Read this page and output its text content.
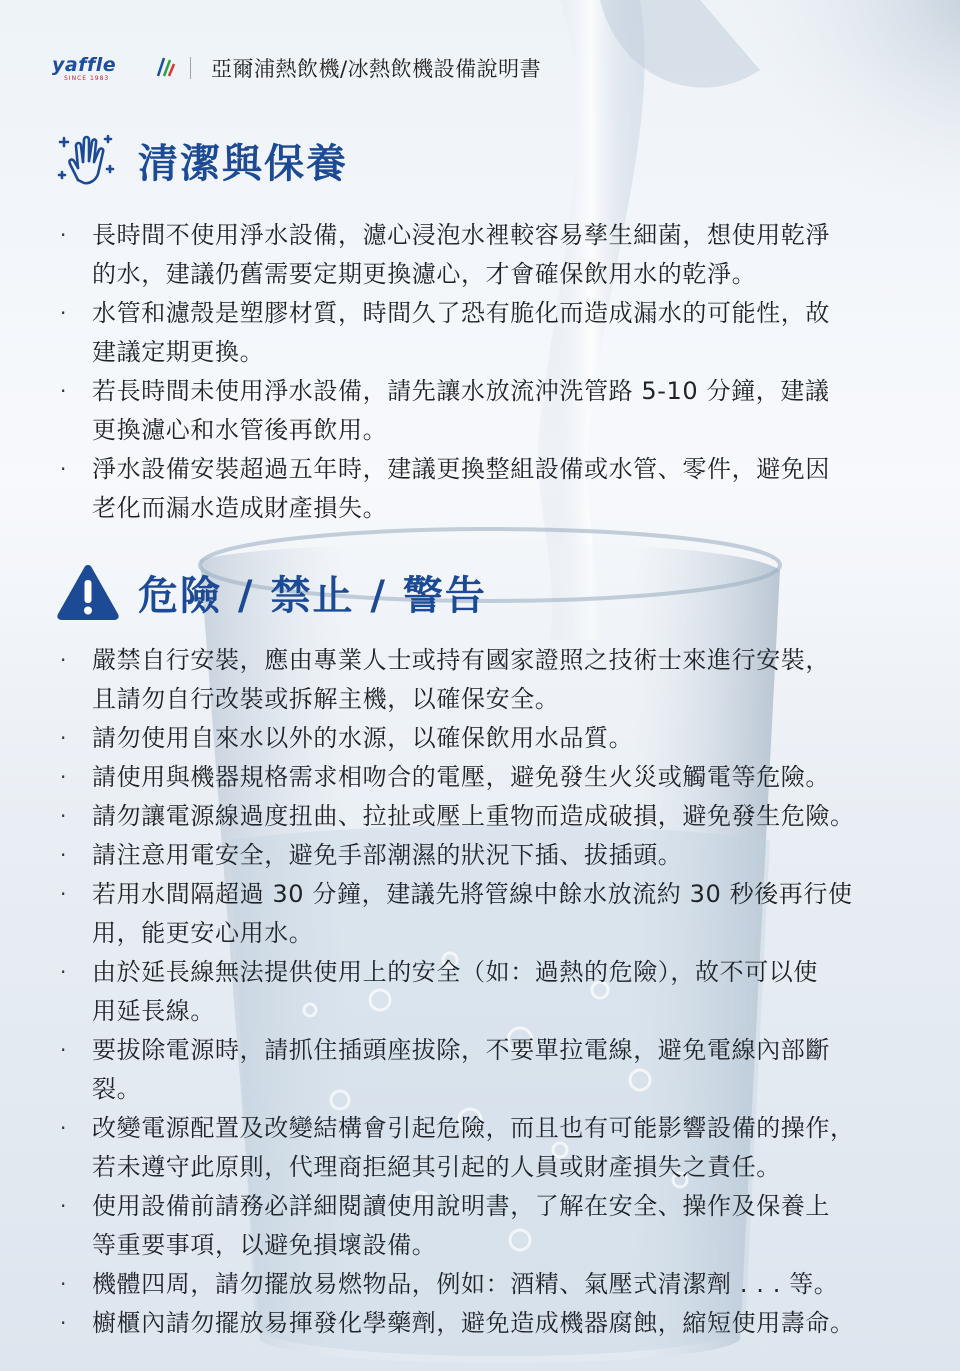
yaffle
SINCE 1983	亞爾浦熱飲機/冰熱飲機設備說明書
清潔與保養
· 長時間不使用淨水設備，濾心浸泡水裡較容易孳生細菌，想使用乾淨
的水，建議仍舊需要定期更換濾心，才會確保飲用水的乾淨。
· 水管和濾殼是塑膠材質，時間久了恐有脆化而造成漏水的可能性，故
建議定期更換。
· 若長時間未使用淨水設備，請先讓水放流沖洗管路 5-10 分鐘，建議
更換濾心和水管後再飲用。
· 淨水設備安裝超過五年時，建議更換整組設備或水管、零件，避免因
老化而漏水造成財產損失。
危險 / 禁止 / 警告
· 嚴禁自行安裝，應由專業人士或持有國家證照之技術士來進行安裝，
且請勿自行改裝或拆解主機，以確保安全。
· 請勿使用自來水以外的水源，以確保飲用水品質。
· 請使用與機器規格需求相吻合的電壓，避免發生火災或觸電等危險。
· 請勿讓電源線過度扭曲、拉扯或壓上重物而造成破損，避免發生危險。
· 請注意用電安全，避免手部潮濕的狀況下插、拔插頭。
· 若用水間隔超過 30 分鐘，建議先將管線中餘水放流約 30 秒後再行使
用，能更安心用水。
· 由於延長線無法提供使用上的安全（如：過熱的危險），故不可以使
用延長線。
· 要拔除電源時，請抓住插頭座拔除，不要單拉電線，避免電線內部斷
裂。
· 改變電源配置及改變結構會引起危險，而且也有可能影響設備的操作，
若未遵守此原則，代理商拒絕其引起的人員或財產損失之責任。
· 使用設備前請務必詳細閱讀使用說明書，了解在安全、操作及保養上
等重要事項，以避免損壞設備。
· 機體四周，請勿擺放易燃物品，例如：酒精、氣壓式清潔劑 . . . 等。
· 櫥櫃內請勿擺放易揮發化學藥劑，避免造成機器腐蝕，縮短使用壽命。
